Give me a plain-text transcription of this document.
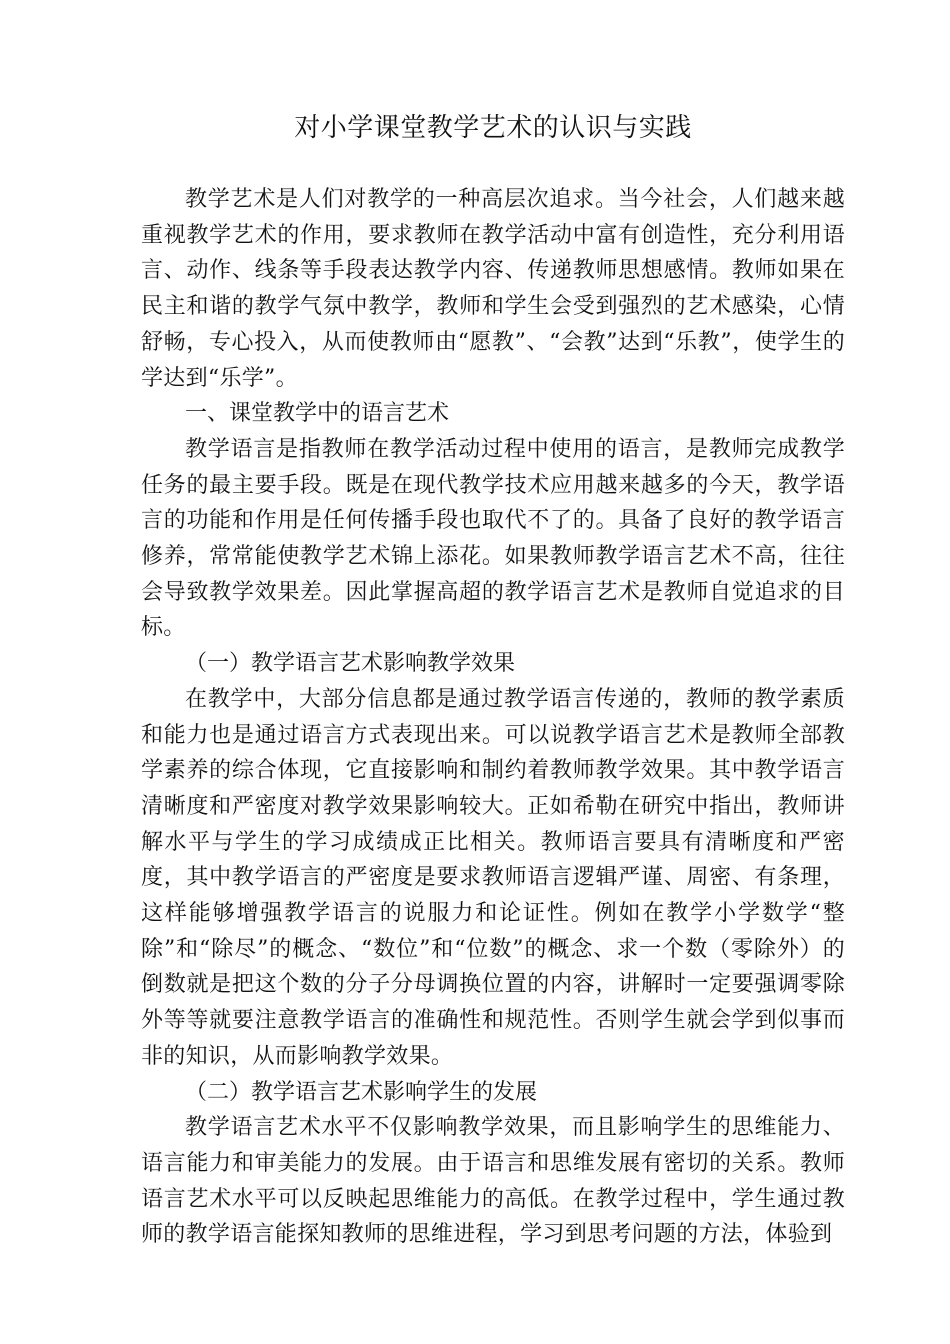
对小学课堂教学艺术的认识与实践

教学艺术是人们对教学的一种高层次追求。当今社会，人们越来越重视教学艺术的作用，要求教师在教学活动中富有创造性，充分利用语言、动作、线条等手段表达教学内容、传递教师思想感情。教师如果在民主和谐的教学气氛中教学，教师和学生会受到强烈的艺术感染，心情舒畅，专心投入，从而使教师由“愿教”、“会教”达到“乐教”，使学生的学达到“乐学”。

一、课堂教学中的语言艺术

教学语言是指教师在教学活动过程中使用的语言，是教师完成教学任务的最主要手段。既是在现代教学技术应用越来越多的今天，教学语言的功能和作用是任何传播手段也取代不了的。具备了良好的教学语言修养，常常能使教学艺术锦上添花。如果教师教学语言艺术不高，往往会导致教学效果差。因此掌握高超的教学语言艺术是教师自觉追求的目标。

（一）教学语言艺术影响教学效果

在教学中，大部分信息都是通过教学语言传递的，教师的教学素质和能力也是通过语言方式表现出来。可以说教学语言艺术是教师全部教学素养的综合体现，它直接影响和制约着教师教学效果。其中教学语言清晰度和严密度对教学效果影响较大。正如希勒在研究中指出，教师讲解水平与学生的学习成绩成正比相关。教师语言要具有清晰度和严密度，其中教学语言的严密度是要求教师语言逻辑严谨、周密、有条理，这样能够增强教学语言的说服力和论证性。例如在教学小学数学“整除”和“除尽”的概念、“数位”和“位数”的概念、求一个数（零除外）的倒数就是把这个数的分子分母调换位置的内容，讲解时一定要强调零除外等等就要注意教学语言的准确性和规范性。否则学生就会学到似事而非的知识，从而影响教学效果。

（二）教学语言艺术影响学生的发展

教学语言艺术水平不仅影响教学效果，而且影响学生的思维能力、语言能力和审美能力的发展。由于语言和思维发展有密切的关系。教师语言艺术水平可以反映起思维能力的高低。在教学过程中，学生通过教师的教学语言能探知教师的思维进程，学习到思考问题的方法，体验到
